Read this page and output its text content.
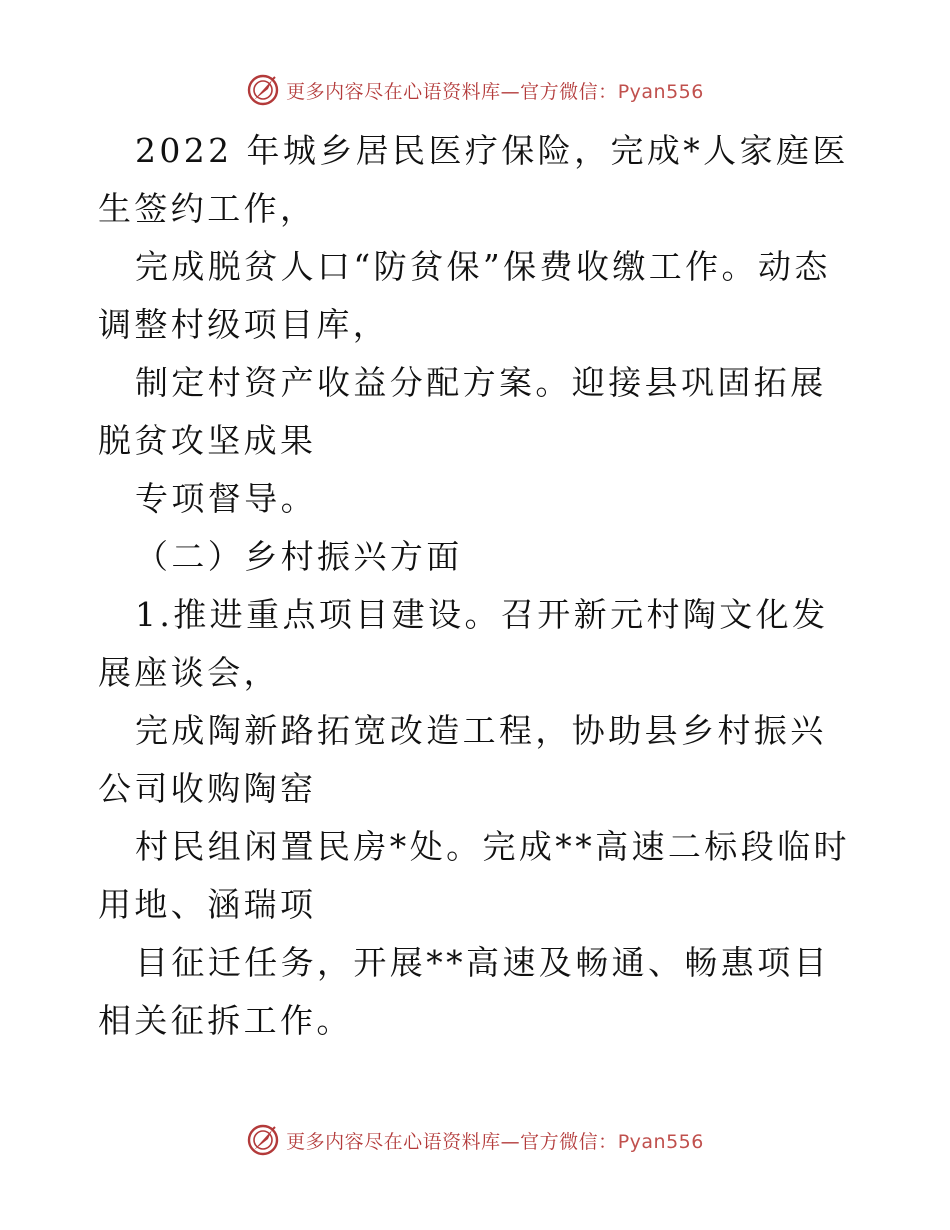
更多内容尽在心语资料库—官方微信：Pyan556

2022 年城乡居民医疗保险，完成*人家庭医生签约工作，

完成脱贫人口“防贫保”保费收缴工作。动态调整村级项目库，

制定村资产收益分配方案。迎接县巩固拓展脱贫攻坚成果

专项督导。

（二）乡村振兴方面

1.推进重点项目建设。召开新元村陶文化发展座谈会，

完成陶新路拓宽改造工程，协助县乡村振兴公司收购陶窑

村民组闲置民房*处。完成**高速二标段临时用地、涵瑞项

目征迁任务，开展**高速及畅通、畅惠项目相关征拆工作。

更多内容尽在心语资料库—官方微信：Pyan556
